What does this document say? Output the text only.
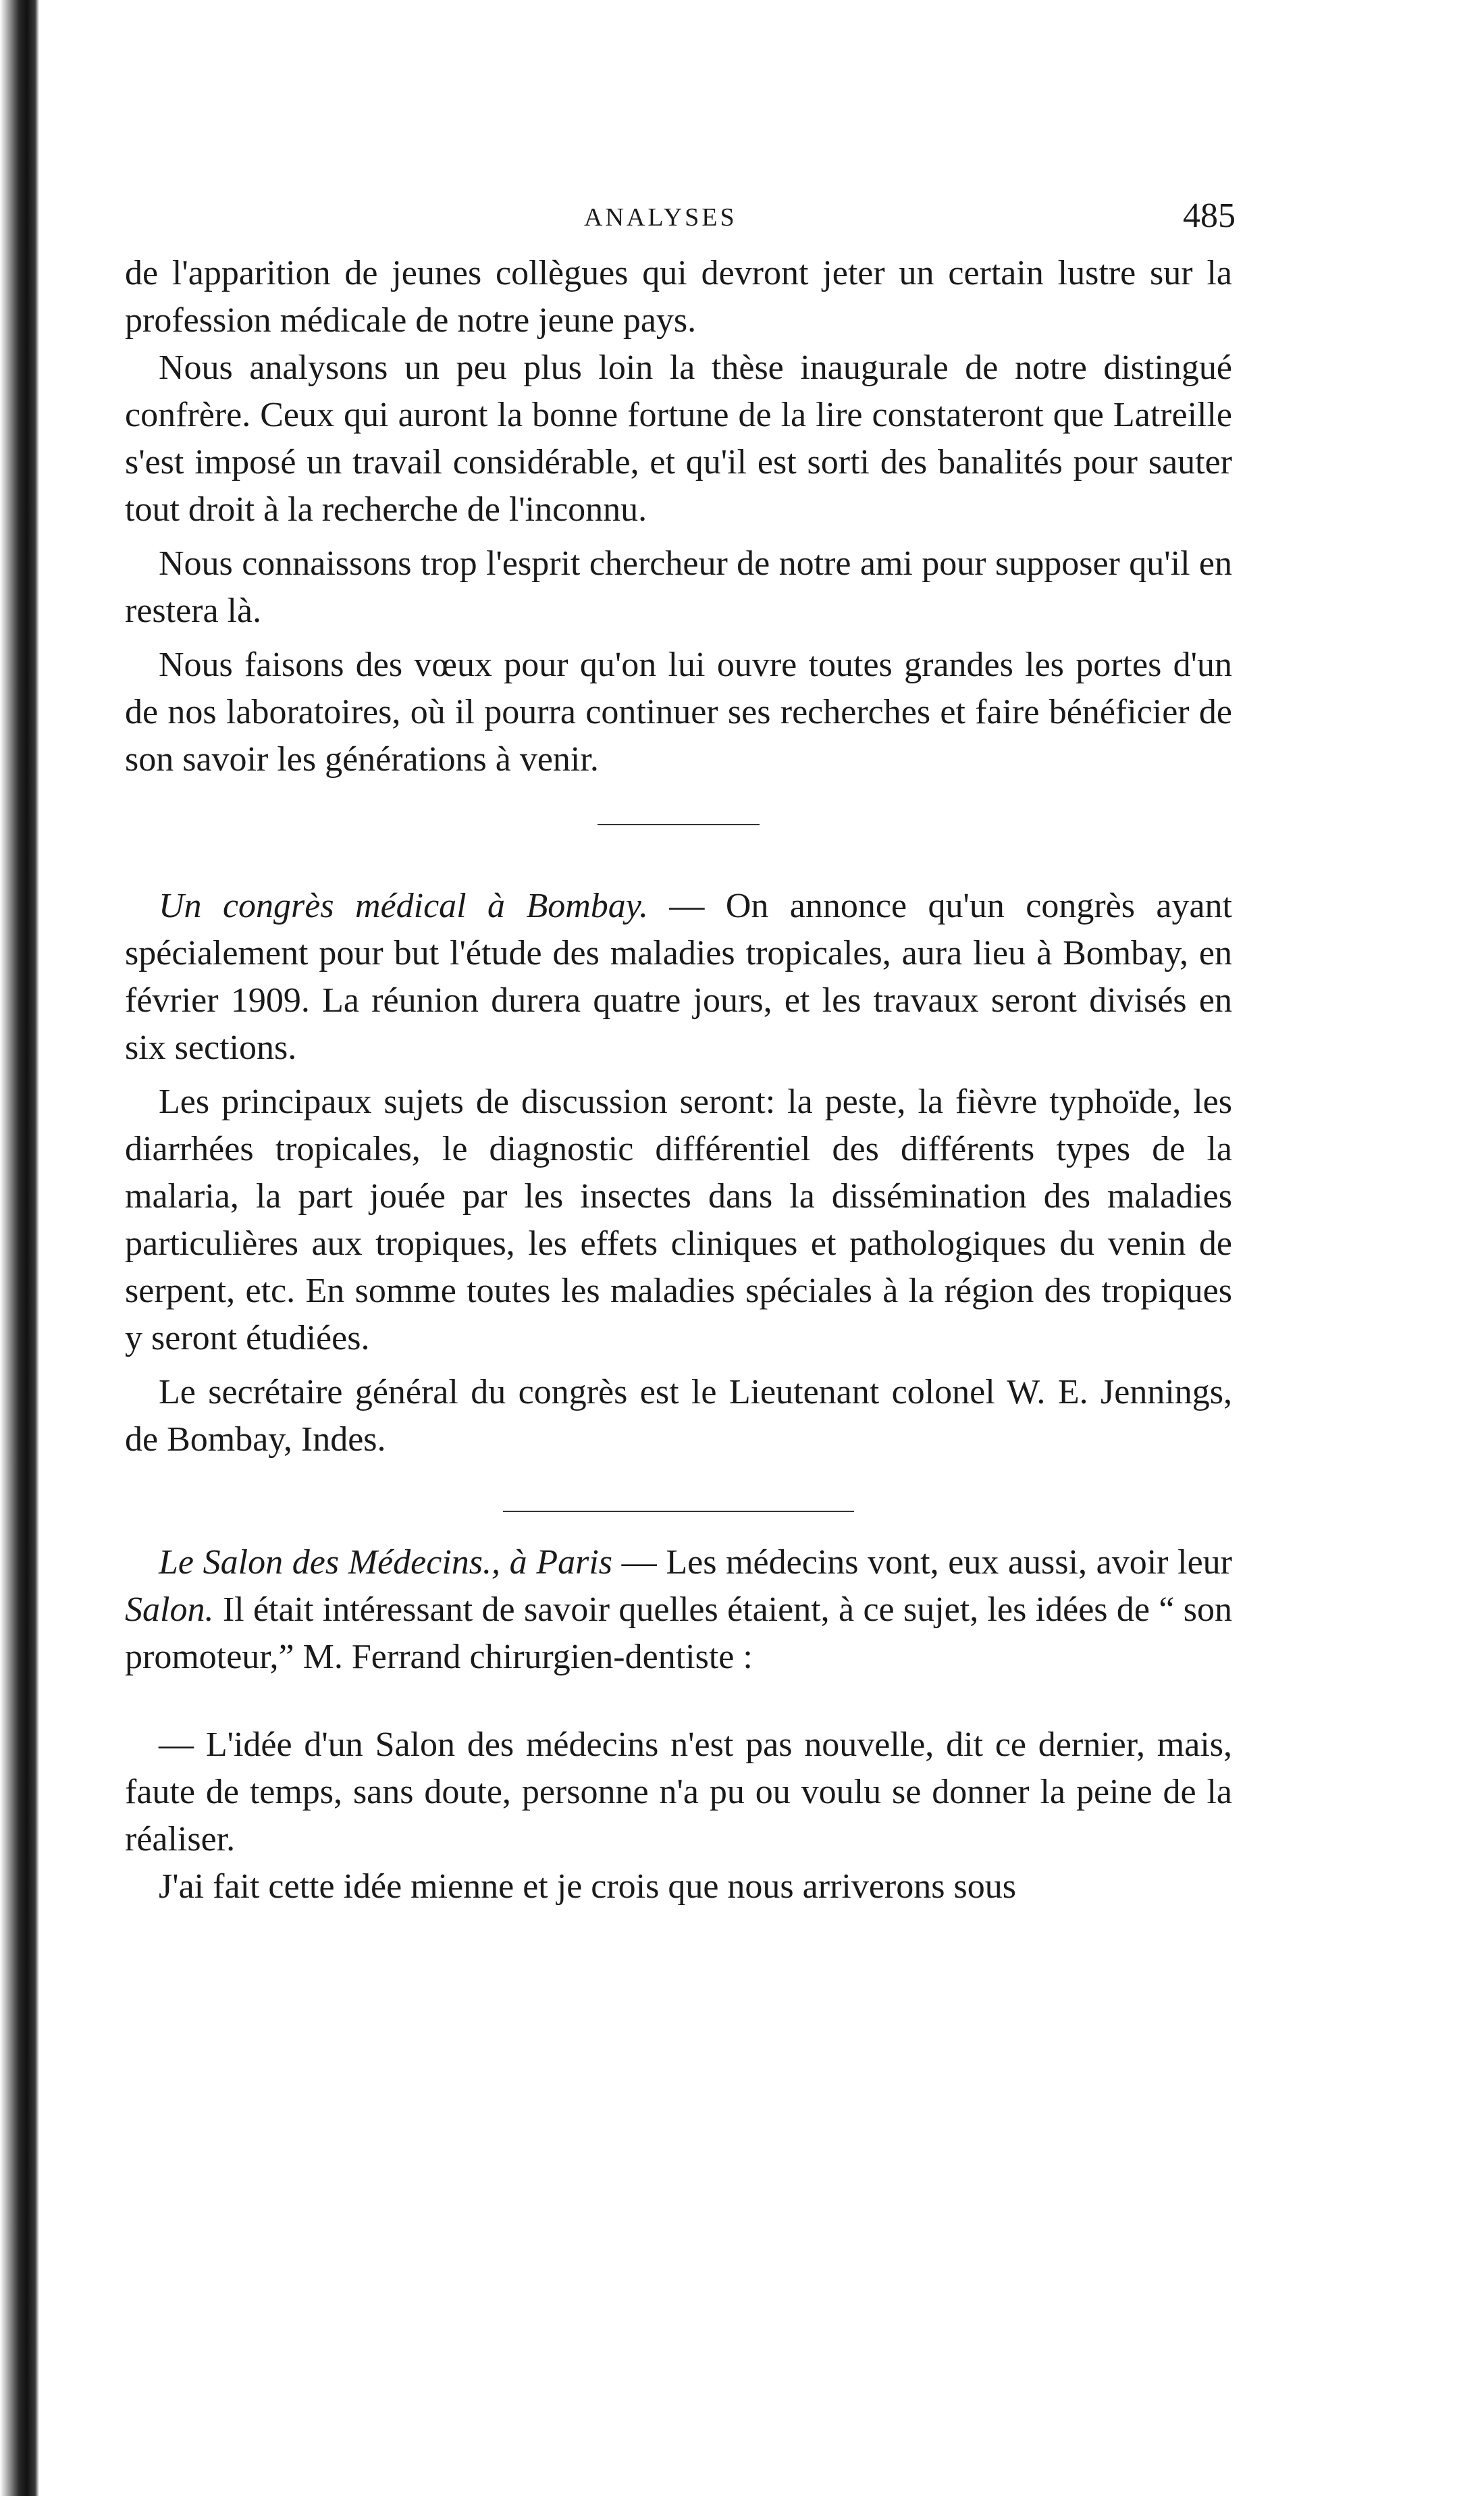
ANALYSES	485

de l'apparition de jeunes collègues qui devront jeter un certain lustre sur la profession médicale de notre jeune pays.

Nous analysons un peu plus loin la thèse inaugurale de notre distingué confrère. Ceux qui auront la bonne fortune de la lire constateront que Latreille s'est imposé un travail considérable, et qu'il est sorti des banalités pour sauter tout droit à la recherche de l'inconnu.

Nous connaissons trop l'esprit chercheur de notre ami pour supposer qu'il en restera là.

Nous faisons des vœux pour qu'on lui ouvre toutes grandes les portes d'un de nos laboratoires, où il pourra continuer ses recherches et faire bénéficier de son savoir les générations à venir.

Un congrès médical à Bombay. — On annonce qu'un congrès ayant spécialement pour but l'étude des maladies tropicales, aura lieu à Bombay, en février 1909. La réunion durera quatre jours, et les travaux seront divisés en six sections.

Les principaux sujets de discussion seront: la peste, la fièvre typhoïde, les diarrhées tropicales, le diagnostic différentiel des différents types de la malaria, la part jouée par les insectes dans la dissémination des maladies particulières aux tropiques, les effets cliniques et pathologiques du venin de serpent, etc. En somme toutes les maladies spéciales à la région des tropiques y seront étudiées.

Le secrétaire général du congrès est le Lieutenant colonel W. E. Jennings, de Bombay, Indes.

Le Salon des Médecins., à Paris — Les médecins vont, eux aussi, avoir leur Salon. Il était intéressant de savoir quelles étaient, à ce sujet, les idées de “ son promoteur,” M. Ferrand chirurgien-dentiste :

— L'idée d'un Salon des médecins n'est pas nouvelle, dit ce dernier, mais, faute de temps, sans doute, personne n'a pu ou voulu se donner la peine de la réaliser.

J'ai fait cette idée mienne et je crois que nous arriverons sous
